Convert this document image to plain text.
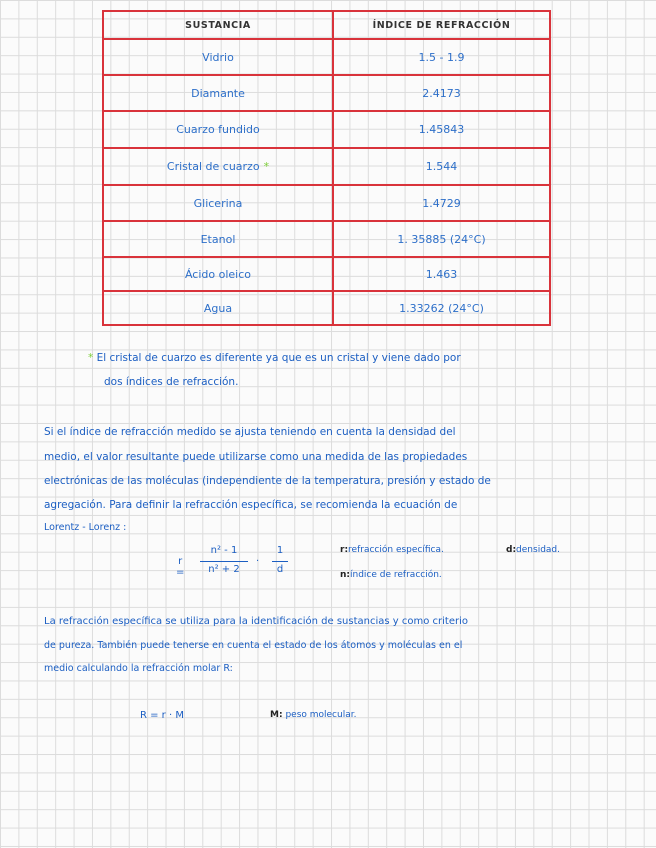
SUSTANCIA	ÍNDICE DE REFRACCIÓN
Vidrio	1.5 - 1.9
Diamante	2.4173
Cuarzo fundido	1.45843
Cristal de cuarzo *	1.544
Glicerina	1.4729
Etanol	1. 35885 (24°C)
Ácido oleico	1.463
Agua	1.33262 (24°C)
* El cristal de cuarzo es diferente ya que es un cristal y viene dado por
dos índices de refracción.
Si el índice de refracción medido se ajusta teniendo en cuenta la densidad del
medio, el valor resultante puede utilizarse como una medida de las propiedades
electrónicas de las moléculas (independiente de la temperatura, presión y estado de
agregación. Para definir la refracción específica, se recomienda la ecuación de
Lorentz - Lorenz :
r =
n² - 1
n² + 2
·
1
d
r:refracción específica.	d:densidad.
n:índice de refracción.
La refracción específica se utiliza para la identificación de sustancias y como criterio
de pureza. También puede tenerse en cuenta el estado de los átomos y moléculas en el
medio calculando la refracción molar R:
R = r · M	M: peso molecular.
